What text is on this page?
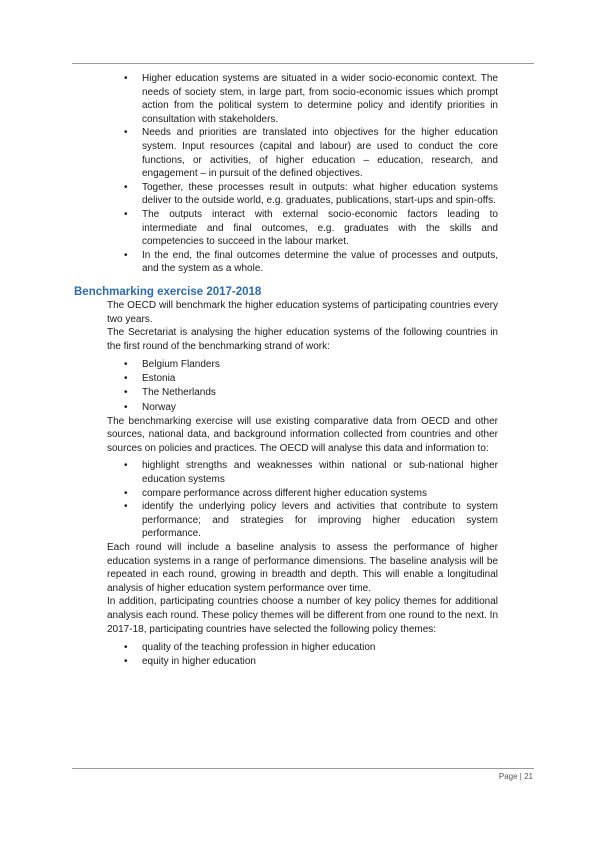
• Higher education systems are situated in a wider socio-economic context. The needs of society stem, in large part, from socio-economic issues which prompt action from the political system to determine policy and identify priorities in consultation with stakeholders.
• Needs and priorities are translated into objectives for the higher education system. Input resources (capital and labour) are used to conduct the core functions, or activities, of higher education – education, research, and engagement – in pursuit of the defined objectives.
• Together, these processes result in outputs: what higher education systems deliver to the outside world, e.g. graduates, publications, start-ups and spin-offs.
• The outputs interact with external socio-economic factors leading to intermediate and final outcomes, e.g. graduates with the skills and competencies to succeed in the labour market.
• In the end, the final outcomes determine the value of processes and outputs, and the system as a whole.
Benchmarking exercise 2017-2018

The OECD will benchmark the higher education systems of participating countries every two years.

The Secretariat is analysing the higher education systems of the following countries in the first round of the benchmarking strand of work:

• Belgium Flanders
• Estonia
• The Netherlands
• Norway

The benchmarking exercise will use existing comparative data from OECD and other sources, national data, and background information collected from countries and other sources on policies and practices. The OECD will analyse this data and information to:

• highlight strengths and weaknesses within national or sub-national higher education systems
• compare performance across different higher education systems
• identify the underlying policy levers and activities that contribute to system performance; and strategies for improving higher education system performance.

Each round will include a baseline analysis to assess the performance of higher education systems in a range of performance dimensions. The baseline analysis will be repeated in each round, growing in breadth and depth. This will enable a longitudinal analysis of higher education system performance over time.

In addition, participating countries choose a number of key policy themes for additional analysis each round. These policy themes will be different from one round to the next. In 2017-18, participating countries have selected the following policy themes:

• quality of the teaching profession in higher education
• equity in higher education
Page | 21
